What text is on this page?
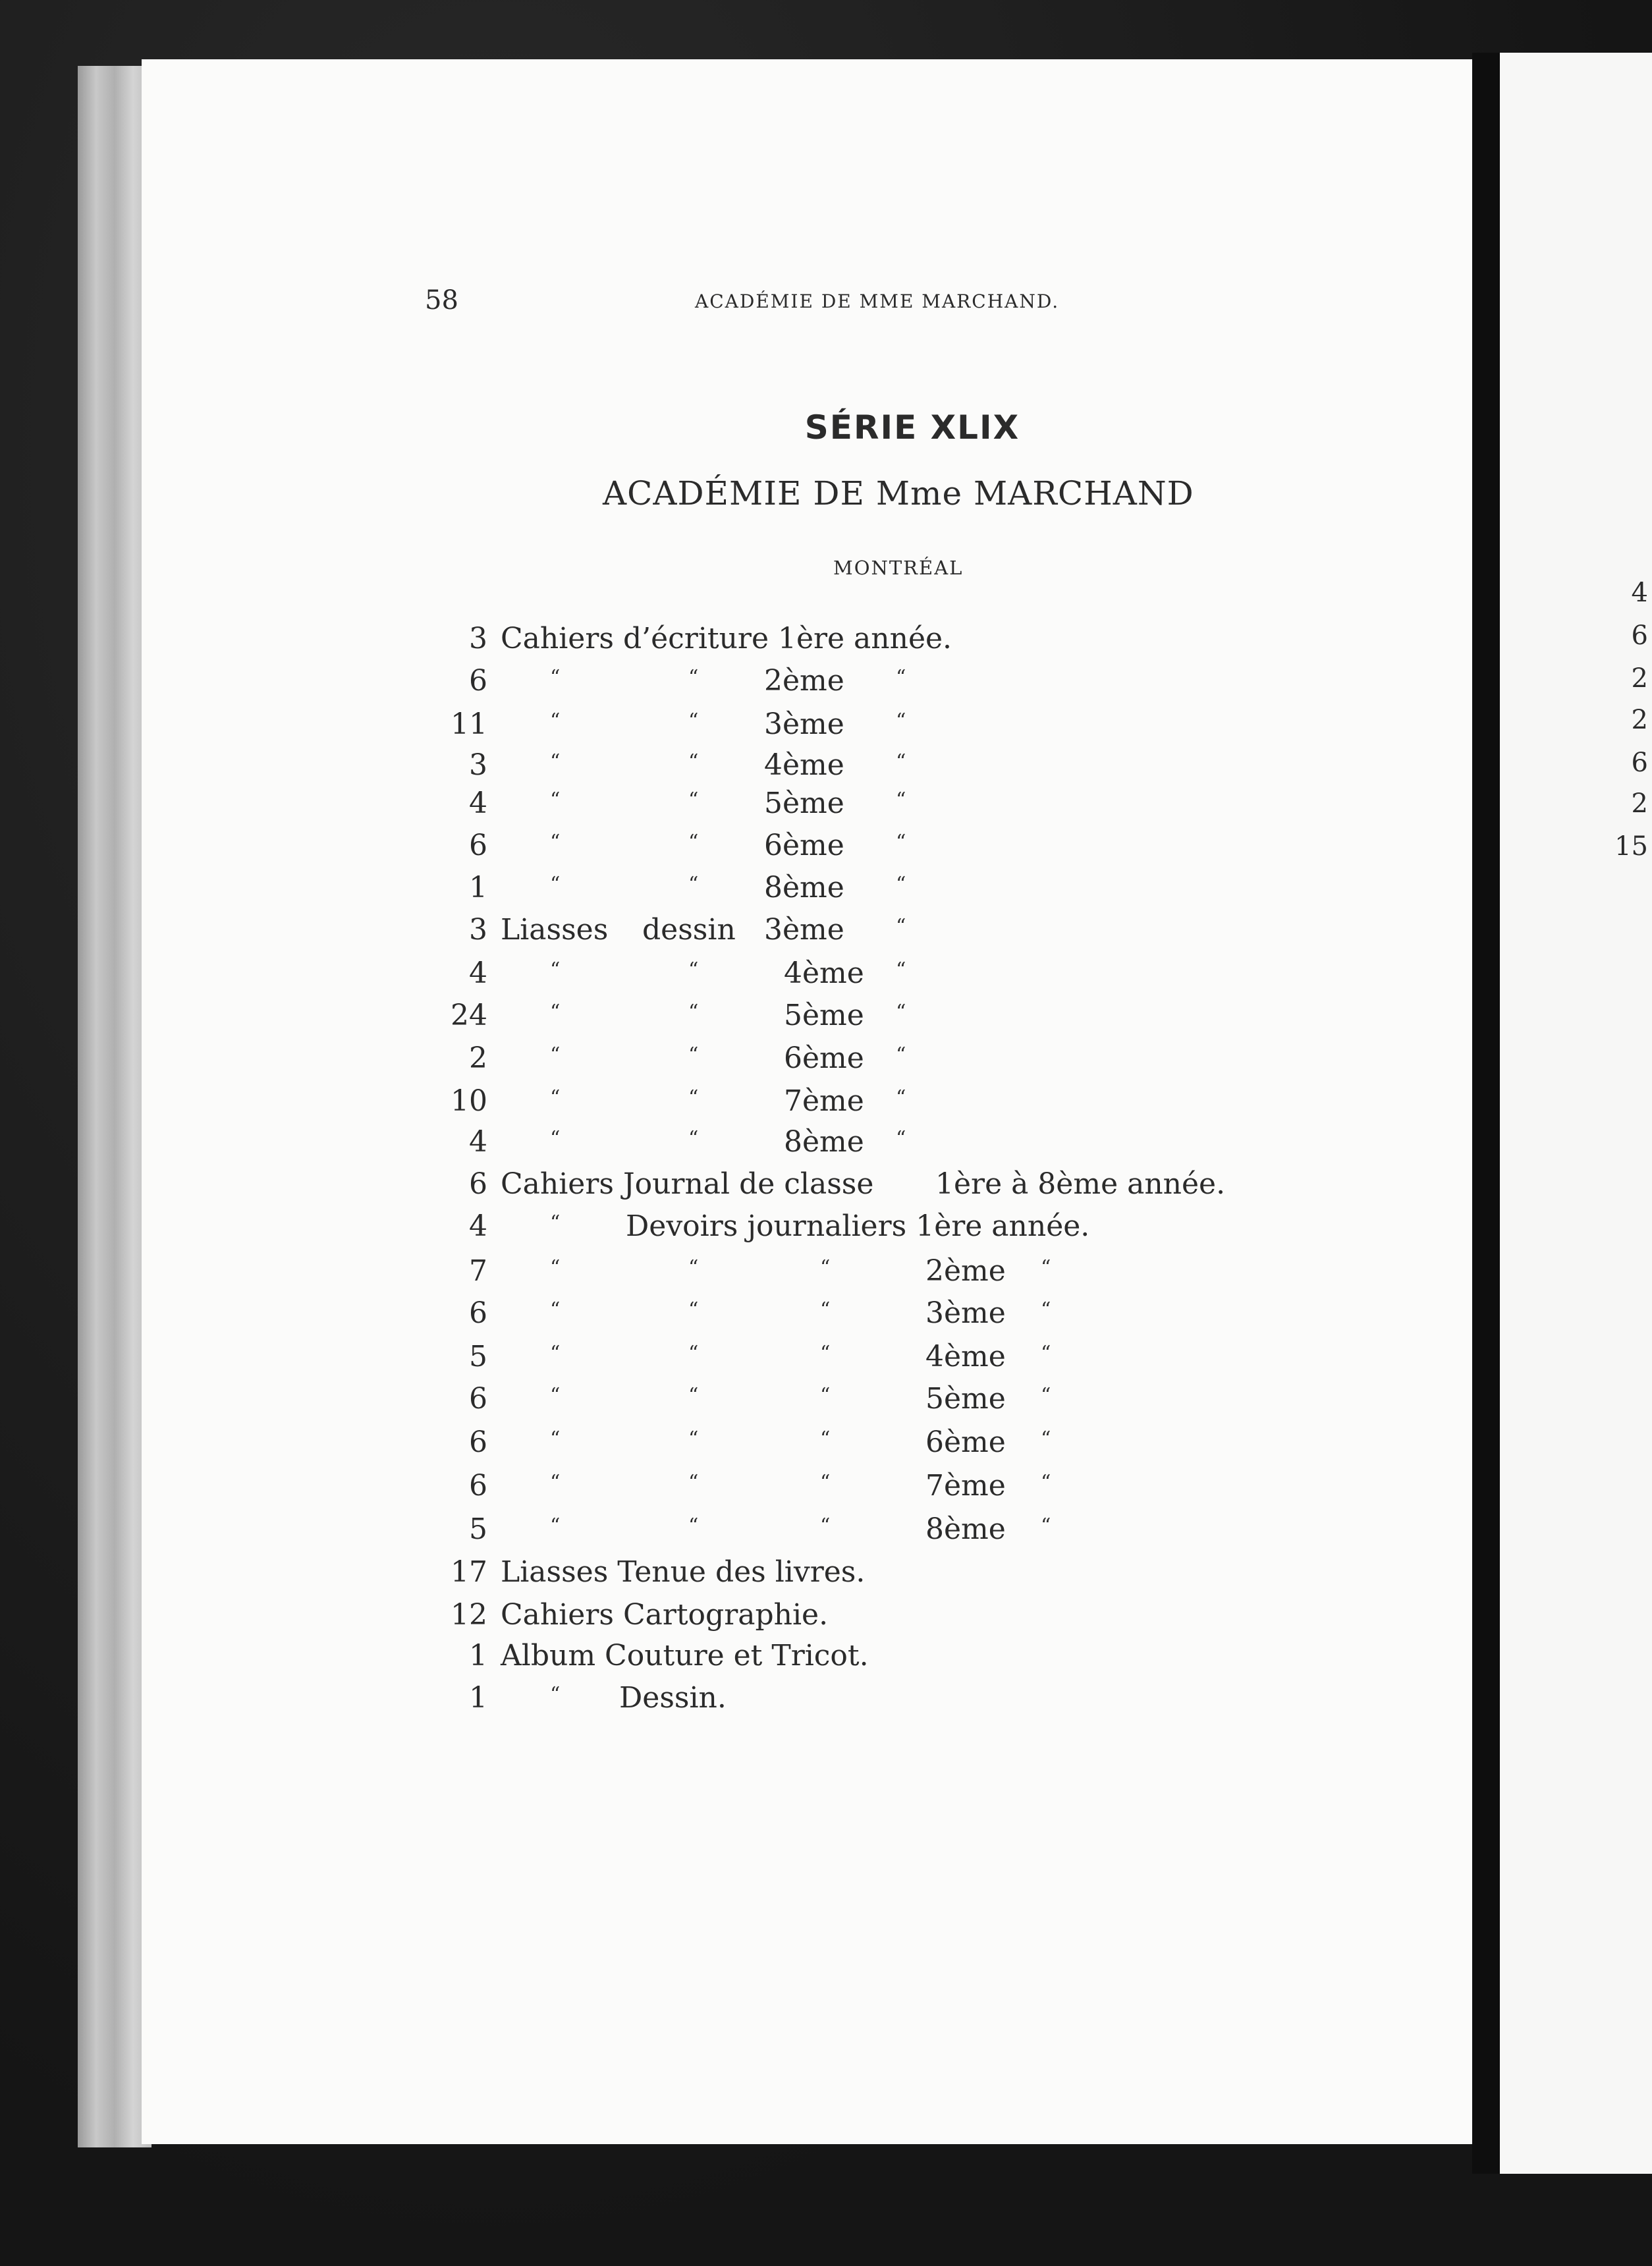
58	ACADÉMIE DE MME MARCHAND.
SÉRIE XLIX
ACADÉMIE DE Mme MARCHAND
MONTRÉAL
3 Cahiers d’écriture 1ère année.
6	“	“ 2ème	“
11	“	“ 3ème	“
3	“	“ 4ème	“
4	“	“ 5ème	“
6	“	“ 6ème	“
1	“	“ 8ème	“
3 Liasses dessin 3ème	“
4	“	“	4ème “
24	“	“	5ème “
2	“	“	6ème “
10	“	“	7ème “
4	“	“	8ème “
6 Cahiers Journal de classe 1ère à 8ème année.
4	“ Devoirs journaliers 1ère année.
7	“	“	“	2ème “
6	“	“	“	3ème “
5	“	“	“	4ème “
6	“	“	“	5ème “
6	“	“	“	6ème “
6	“	“	“	7ème “
5	“	“	“	8ème “
17 Liasses Tenue des livres.
12 Cahiers Cartographie.
1 Album Couture et Tricot.
1	“ Dessin.
4
6
2
2
6
2
15
